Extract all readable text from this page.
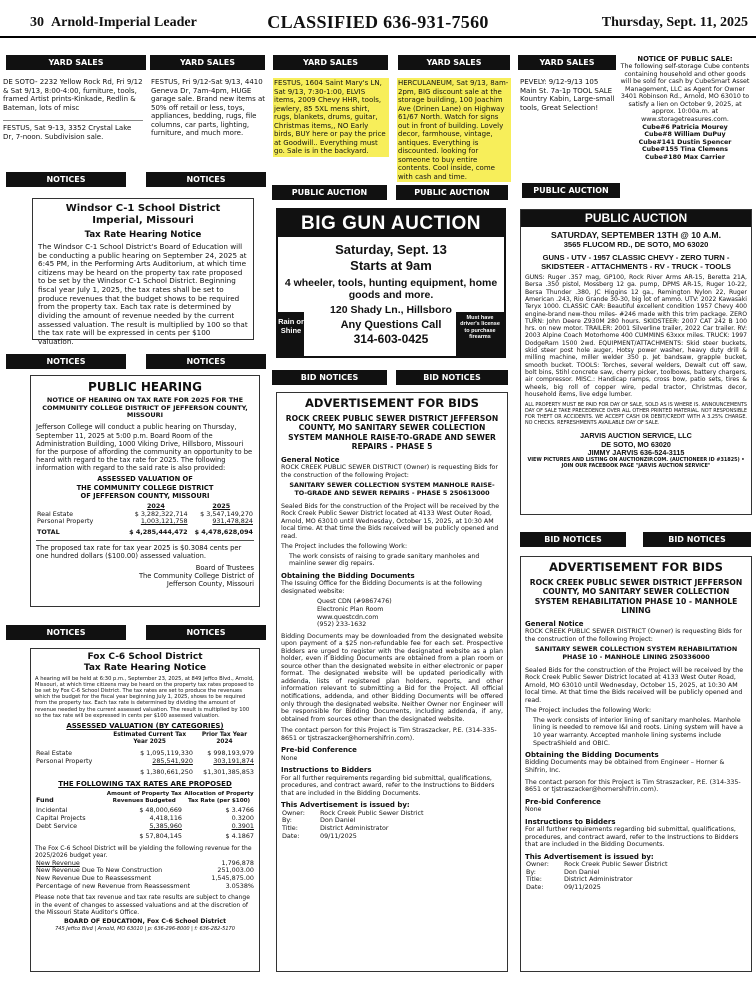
30 Arnold-Imperial Leader	CLASSIFIED 636-931-7560	Thursday, Sept. 11, 2025
YARD SALES	YARD SALES	YARD SALES	YARD SALES	YARD SALES
DE SOTO- 2232 Yellow Rock Rd, Fri 9/12 & Sat 9/13, 8:00-4:00, furniture, tools, framed Artist prints-Kinkade, Redlin & Bateman, lots of misc
FESTUS, Sat 9-13, 3352 Crystal Lake Dr, 7-noon. Subdivision sale.
FESTUS, Fri 9/12-Sat 9/13, 4410 Geneva Dr, 7am-4pm, HUGE garage sale. Brand new items at 50% off retail or less, toys, appliances, bedding, rugs, file columns, car parts, lighting, furniture, and much more.
FESTUS, 1604 Saint Mary's LN, Sat 9/13, 7:30-1:00, ELVIS items, 2009 Chevy HHR, tools, jewlery, 85 5XL mens shirt, rugs, blankets, drums, guitar, Christmas items,, NO Early birds, BUY here or pay the price at Goodwill.. Everything must go. Sale is in the backyard.
HERCULANEUM, Sat 9/13, 8am-2pm, BIG discount sale at the storage building, 100 Joachim Ave (Drinen Lane) on Highway 61/67 North. Watch for signs out in front of building. Lovely decor, farmhouse, vintage, antiques. Everything is discounted. looking for someone to buy entire contents. Cool inside, come with cash and time.
PEVELY: 9/12-9/13 105 Main St. 7a-1p TOOL SALE Kountry Kabin, Large-small tools, Great Selection!
NOTICE OF PUBLIC SALE:
The following self-storage Cube contents containing household and other goods will be sold for cash by CubeSmart Asset Management, LLC as Agent for Owner 3401 Robinson Rd., Arnold, MO 63010 to satisfy a lien on October 9, 2025, at approx. 10:00a.m. at www.storagetreasures.com.
Cube#6 Patricia Mourey
Cube#8 William DuPuy
Cube#141 Dustin Spencer
Cube#155 Tina Clemens
Cube#180 Max Carrier
NOTICES	NOTICES
PUBLIC AUCTION	PUBLIC AUCTION	PUBLIC AUCTION
Windsor C-1 School District
Imperial, Missouri
Tax Rate Hearing Notice
The Windsor C-1 School District's Board of Education will be conducting a public hearing on September 24, 2025 at 6:45 PM, in the Performing Arts Auditorium, at which time citizens may be heard on the property tax rate proposed to be set by the Windsor C-1 School District. Beginning fiscal year July 1, 2025, the tax rates shall be set to produce revenues that the budget shows to be required from the property tax. Each tax rate is determined by dividing the amount of revenue needed by the current assessed valuation. The result is multiplied by 100 so that the tax rate will be expressed in cents per $100 valuation.
NOTICES	NOTICES
PUBLIC HEARING
NOTICE OF HEARING ON TAX RATE FOR 2025 FOR THE COMMUNITY COLLEGE DISTRICT OF JEFFERSON COUNTY, MISSOURI
Jefferson College will conduct a public hearing on Thursday, September 11, 2025 at 5:00 p.m. Board Room of the Administration Building, 1000 Viking Drive, Hillsboro, Missouri for the purpose of affording the community an opportunity to be heard with regard to the tax rate for 2025. The following information with regard to the said rate is also provided:
ASSESSED VALUATION OF
THE COMMUNITY COLLEGE DISTRICT
OF JEFFERSON COUNTY, MISSOURI
	2024	2025
Real Estate	$ 3,282,322,714	$ 3,547,149,270
Personal Property	1,003,121,758	931,478,824
TOTAL	$ 4,285,444,472	$ 4,478,628,094
The proposed tax rate for tax year 2025 is $0.3084 cents per one hundred dollars ($100.00) assessed valuation.
Board of Trustees
The Community College District of
Jefferson County, Missouri
NOTICES	NOTICES
Fox C-6 School District
Tax Rate Hearing Notice
A hearing will be held at 6:30 p.m., September 23, 2025, at 849 Jeffco Blvd., Arnold, Missouri, at which time citizens may be heard on the property tax rates proposed to be set by Fox C-6 School District. The tax rates are set to produce the revenues which the budget for the fiscal year beginning July 1, 2025, shows to be required from the property tax. Each tax rate is determined by dividing the amount of revenue needed by the current assessed valuation. The result is multiplied by 100 so the tax rate will be expressed in cents per $100 assessed valuation.
ASSESSED VALUATION (BY CATEGORIES)
	Estimated Current Tax Year 2025	Prior Tax Year 2024
Real Estate	$ 1,095,119,330	$ 998,193,979
Personal Property	285,541,920	303,191,874
	$ 1,380,661,250	$1,301,385,853
THE FOLLOWING TAX RATES ARE PROPOSED
Fund	Amount of Property Tax Revenues Budgeted	Allocation of Property Tax Rate (per $100)
Incidental	$ 48,000,669	$ 3.4766
Capital Projects	4,418,116	0.3200
Debt Service	5,385,960	0.3901
	$ 57,804,145	$ 4.1867
The Fox C-6 School District will be yielding the following revenue for the 2025/2026 budget year.
New Revenue	1,796,878
New Revenue Due To New Construction	251,003.00
New Revenue Due to Reassessment	1,545,875.00
Percentage of new Revenue from Reassessment	3.0538%
Please note that tax revenue and tax rate results are subject to change in the event of changes to assessed valuations and at the discretion of the Missouri State Auditor's Office.
BOARD OF EDUCATION, Fox C-6 School District
745 Jeffco Blvd | Arnold, MO 63010 | p: 636-296-8000 | f: 636-282-5170
BIG GUN AUCTION
Saturday, Sept. 13
Starts at 9am
4 wheeler, tools, hunting equipment, home goods and more.
120 Shady Ln., Hillsboro
Any Questions Call
314-603-0425
Rain or Shine
Must have driver's license to purchase firearms
BID NOTICES	BID NOTICES
ADVERTISEMENT FOR BIDS
ROCK CREEK PUBLIC SEWER DISTRICT JEFFERSON COUNTY, MO SANITARY SEWER COLLECTION SYSTEM MANHOLE RAISE-TO-GRADE AND SEWER REPAIRS - PHASE 5
General Notice
ROCK CREEK PUBLIC SEWER DISTRICT (Owner) is requesting Bids for the construction of the following Project:
SANITARY SEWER COLLECTION SYSTEM MANHOLE RAISE-TO-GRADE AND SEWER REPAIRS - PHASE 5 250613000
Sealed Bids for the construction of the Project will be received by the Rock Creek Public Sewer District located at 4133 West Outer Road, Arnold, MO 63010 until Wednesday, October 15, 2025, at 10:30 AM local time. At that time the Bids received will be publicly opened and read.
The Project includes the following Work:
The work consists of raising to grade sanitary manholes and mainline sewer dig repairs.
Obtaining the Bidding Documents
The Issuing Office for the Bidding Documents is at the following designated website:
Quest CDN (#9867476)
Electronic Plan Room
www.questcdn.com
(952) 233-1632
Bidding Documents may be downloaded from the designated website upon payment of a $25 non-refundable fee for each set. Prospective Bidders are urged to register with the designated website as a plan holder, even if Bidding Documents are obtained from a plan room or source other than the designated website in either electronic or paper format. The designated website will be updated periodically with addenda, lists of registered plan holders, reports, and other information relevant to submitting a Bid for the Project. All official notifications, addenda, and other Bidding Documents will be offered only through the designated website. Neither Owner nor Engineer will be responsible for Bidding Documents, including addenda, if any, obtained from sources other than the designated website.
The contact person for this Project is Tim Straszacker, P.E. (314-335-8651 or tjstraszacker@hornershifrin.com).
Pre-bid Conference
None
Instructions to Bidders
For all further requirements regarding bid submittal, qualifications, procedures, and contract award, refer to the Instructions to Bidders that are included in the Bidding Documents.
This Advertisement is issued by:
Owner:	Rock Creek Public Sewer District
By:	Don Daniel
Title:	District Administrator
Date:	09/11/2025
PUBLIC AUCTION
SATURDAY, SEPTEMBER 13TH @ 10 A.M.
3565 FLUCOM RD., DE SOTO, MO 63020
GUNS - UTV - 1957 CLASSIC CHEVY - ZERO TURN - SKIDSTEER - ATTACHMENTS - RV - TRUCK - TOOLS
GUNS: Ruger .357 mag, GP100, Rock River Arms AR-15, Beretta 21A, Bersa .350 pistol, Mossberg 12 ga. pump, DPMS AR-15, Ruger 10-22, Bersa Thunder .380, JC Higgins 12 ga., Remington Nylon 22, Ruger American .243, Rio Grande 30-30, big lot of ammo. UTV: 2022 Kawasaki Teryx 1000. CLASSIC CAR: Beautiful excellent condition 1957 Chevy 400 engine-brand new-thou miles- #246 made with this trim package. ZERO TURN: John Deere Z930M 280 hours. SKIDSTEER: 2007 CAT 242 B 100 hrs. on new motor. TRAILER: 2001 Silverline trailer, 2022 Car trailer. RV: 2003 Alpine Coach Motorhome 400 CUMMINS 63xxx miles. TRUCK: 1997 DodgeRam 1500 2wd. EQUIPMENT/ATTACHMENTS: Skid steer buckets, skid steer post hole auger, Hotsy power washer, heavy duty drill & milling machine, miller welder 350 p. Jet bandsaw, grapple bucket, smooth bucket. TOOLS: Torches, several welders, Dewalt cut off saw, bolt bins, Stihl concrete saw, cherry picker, toolboxes, battery chargers, air compressor. MISC.: Handicap ramps, cross bow, patio sets, tires & wheels, big roll of copper wire, pedal tractor, Christmas decor, household items, live edge lumber.
ALL PROPERTY MUST BE PAID FOR DAY OF SALE, SOLD AS IS WHERE IS. ANNOUNCEMENTS DAY OF SALE TAKE PRECEDENCE OVER ALL OTHER PRINTED MATERIAL. NOT RESPONSIBLE FOR THEFT OR ACCIDENTS. WE ACCEPT CASH OR DEBIT/CREDIT WITH A 3.25% CHARGE. NO CHECKS. REFRESHMENTS AVAILABLE DAY OF SALE.
JARVIS AUCTION SERVICE, LLC
DE SOTO, MO 63020
JIMMY JARVIS 636-524-3115
VIEW PICTURES AND LISTING ON AUCTIONZIP.COM. (AUCTIONEER ID #31825) • JOIN OUR FACEBOOK PAGE "JARVIS AUCTION SERVICE"
BID NOTICES	BID NOTICES
ADVERTISEMENT FOR BIDS
ROCK CREEK PUBLIC SEWER DISTRICT JEFFERSON COUNTY, MO SANITARY SEWER COLLECTION SYSTEM REHABILITATION PHASE 10 - MANHOLE LINING
General Notice
ROCK CREEK PUBLIC SEWER DISTRICT (Owner) is requesting Bids for the construction of the following Project:
SANITARY SEWER COLLECTION SYSTEM REHABILITATION PHASE 10 - MANHOLE LINING 250336000
Sealed Bids for the construction of the Project will be received by the Rock Creek Public Sewer District located at 4133 West Outer Road, Arnold, MO 63010 until Wednesday, October 15, 2025, at 10:30 AM local time. At that time the Bids received will be publicly opened and read.
The Project includes the following Work:
The work consists of interior lining of sanitary manholes. Manhole lining is needed to remove I&I and roots. Lining system will have a 10 year warranty. Accepted manhole lining systems include SpectraShield and OBIC.
Obtaining the Bidding Documents
Bidding Documents may be obtained from Engineer – Horner & Shifrin, Inc.
The contact person for this Project is Tim Straszacker, P.E. (314-335-8651 or tjstraszacker@hornershifrin.com).
Pre-bid Conference
None
Instructions to Bidders
For all further requirements regarding bid submittal, qualifications, procedures, and contract award, refer to the Instructions to Bidders that are included in the Bidding Documents.
This Advertisement is issued by:
Owner:	Rock Creek Public Sewer District
By:	Don Daniel
Title:	District Administrator
Date:	09/11/2025
